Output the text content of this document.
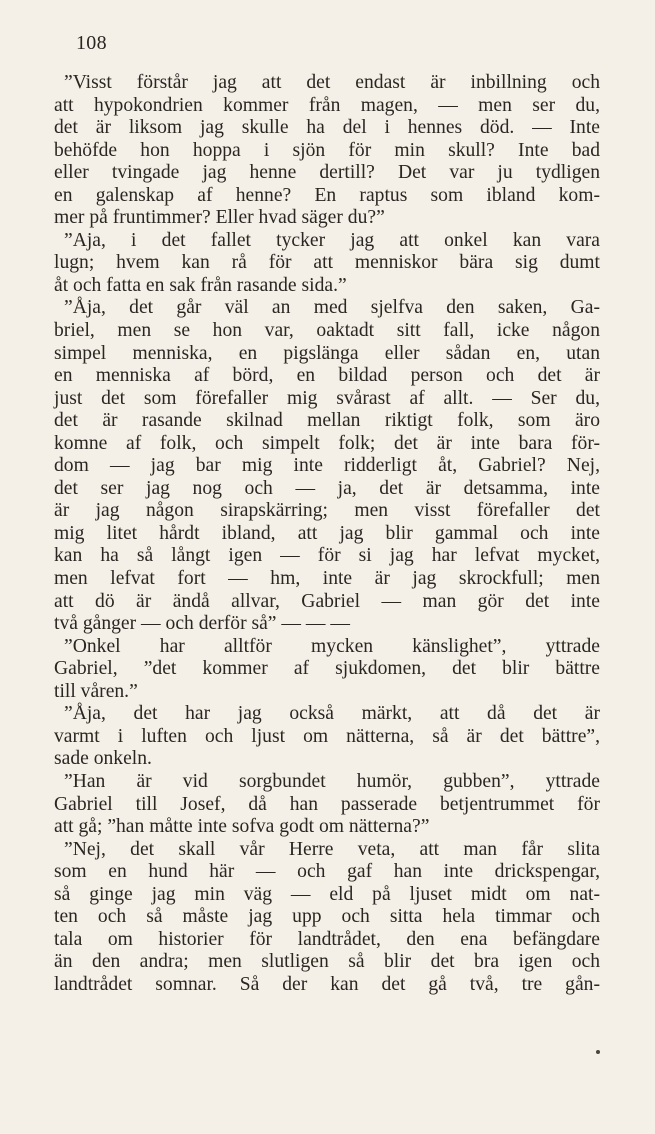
108
”Visst förstår jag att det endast är inbillning och
att hypokondrien kommer från magen, — men ser du,
det är liksom jag skulle ha del i hennes död. — Inte
behöfde hon hoppa i sjön för min skull? Inte bad
eller tvingade jag henne dertill? Det var ju tydligen
en galenskap af henne? En raptus som ibland kom-
mer på fruntimmer? Eller hvad säger du?”
”Aja, i det fallet tycker jag att onkel kan vara
lugn; hvem kan rå för att menniskor bära sig dumt
åt och fatta en sak från rasande sida.”
”Åja, det går väl an med sjelfva den saken, Ga-
briel, men se hon var, oaktadt sitt fall, icke någon
simpel menniska, en pigslänga eller sådan en, utan
en menniska af börd, en bildad person och det är
just det som förefaller mig svårast af allt. — Ser du,
det är rasande skilnad mellan riktigt folk, som äro
komne af folk, och simpelt folk; det är inte bara för-
dom — jag bar mig inte ridderligt åt, Gabriel? Nej,
det ser jag nog och — ja, det är detsamma, inte
är jag någon sirapskärring; men visst förefaller det
mig litet hårdt ibland, att jag blir gammal och inte
kan ha så långt igen — för si jag har lefvat mycket,
men lefvat fort — hm, inte är jag skrockfull; men
att dö är ändå allvar, Gabriel — man gör det inte
två gånger — och derför så” — — —
”Onkel har alltför mycken känslighet”, yttrade
Gabriel, ”det kommer af sjukdomen, det blir bättre
till våren.”
”Åja, det har jag också märkt, att då det är
varmt i luften och ljust om nätterna, så är det bättre”,
sade onkeln.
”Han är vid sorgbundet humör, gubben”, yttrade
Gabriel till Josef, då han passerade betjentrummet för
att gå; ”han måtte inte sofva godt om nätterna?”
”Nej, det skall vår Herre veta, att man får slita
som en hund här — och gaf han inte drickspengar,
så ginge jag min väg — eld på ljuset midt om nat-
ten och så måste jag upp och sitta hela timmar och
tala om historier för landtrådet, den ena befängdare
än den andra; men slutligen så blir det bra igen och
landtrådet somnar. Så der kan det gå två, tre gån-
